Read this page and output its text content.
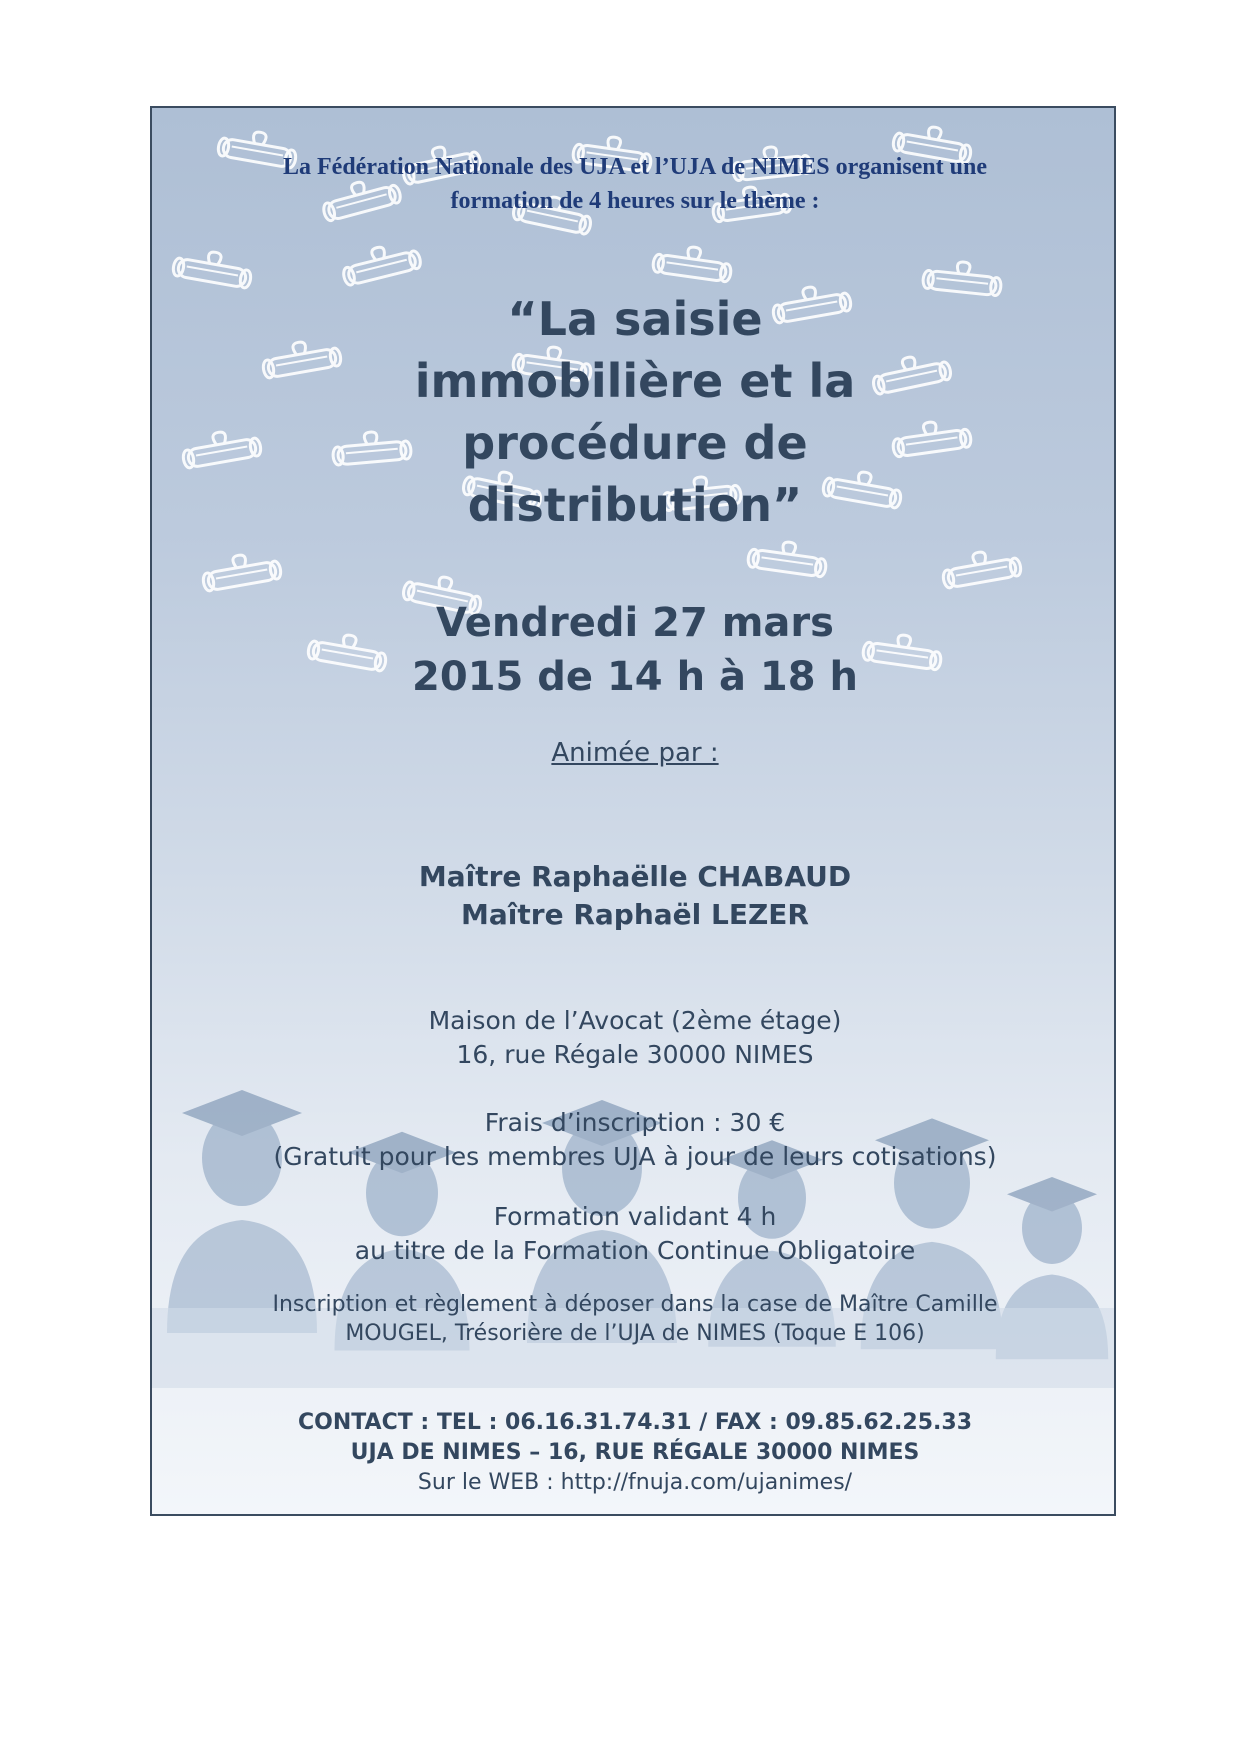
La Fédération Nationale des UJA et l’UJA de NIMES organisent une
formation de 4 heures sur le thème :
“La saisie
immobilière et la
procédure de
distribution”
Vendredi 27 mars
2015 de 14 h à 18 h
Animée par :
Maître Raphaëlle CHABAUD
Maître Raphaël LEZER
Maison de l’Avocat (2ème étage)
16, rue Régale 30000 NIMES
Frais d’inscription : 30 €
(Gratuit pour les membres UJA à jour de leurs cotisations)
Formation validant 4 h
au titre de la Formation Continue Obligatoire
Inscription et règlement à déposer dans la case de Maître Camille
MOUGEL, Trésorière de l’UJA de NIMES (Toque E 106)
CONTACT : TEL : 06.16.31.74.31 / FAX : 09.85.62.25.33
UJA DE NIMES – 16, RUE RÉGALE 30000 NIMES
Sur le WEB : http://fnuja.com/ujanimes/
